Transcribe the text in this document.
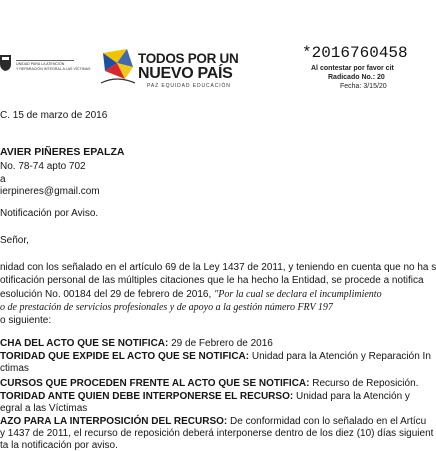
UNIDAD PARA LA ATENCIÓN
Y REPARACIÓN INTEGRAL A LAS VÍCTIMAS
TODOS POR UN
NUEVO PAÍS
PAZ EQUIDAD EDUCACIÓN
*2016760458
Al contestar por favor cit
Radicado No.: 20
Fecha: 3/15/20
C. 15 de marzo de 2016
AVIER PIÑERES EPALZA
No. 78-74 apto 702
a
ierpineres@gmail.com
Notificación por Aviso.
Señor,
nidad con los señalado en el artículo 69 de la Ley 1437 de 2011, y teniendo en cuenta que no ha s
otificación personal de las múltiples citaciones que le ha hecho la Entidad, se procede a notifica
esolución No. 00184 del 29 de febrero de 2016, "Por la cual se declara el incumplimiento
o de prestación de servicios profesionales y de apoyo a la gestión número FRV 197
o siguiente:
CHA DEL ACTO QUE SE NOTIFICA: 29 de Febrero de 2016
TORIDAD QUE EXPIDE EL ACTO QUE SE NOTIFICA: Unidad para la Atención y Reparación In
ctimas
CURSOS QUE PROCEDEN FRENTE AL ACTO QUE SE NOTIFICA: Recurso de Reposición.
TORIDAD ANTE QUIEN DEBE INTERPONERSE EL RECURSO: Unidad para la Atención y
egral a las Víctimas
AZO PARA LA INTERPOSICIÓN DEL RECURSO: De conformidad con lo señalado en el Artícu
y 1437 de 2011, el recurso de reposición deberá interponerse dentro de los diez (10) días siguient
ta la notificación por aviso.
